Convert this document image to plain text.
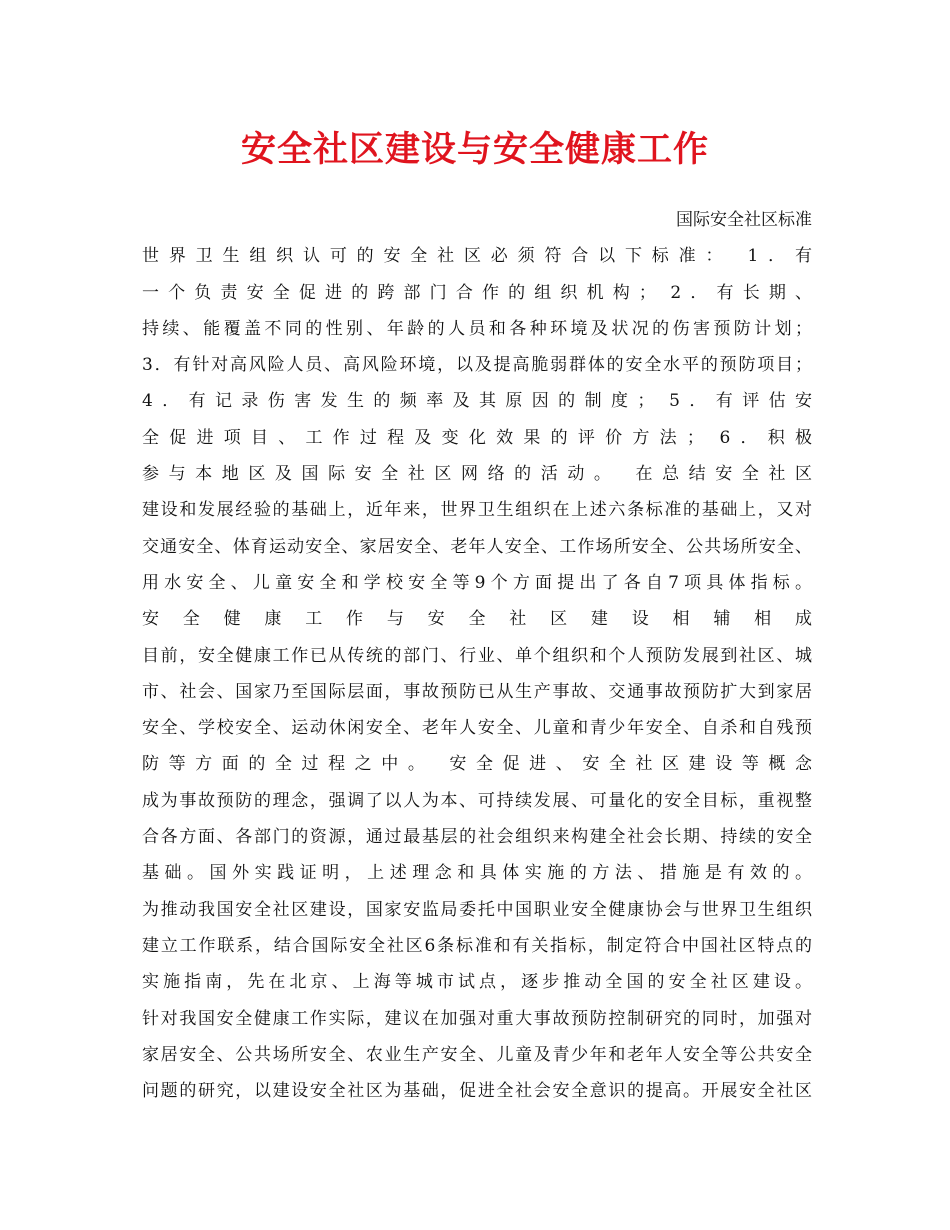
安全社区建设与安全健康工作
国际安全社区标准
世界卫生组织认可的安全社区必须符合以下标准： 1．有
一个负责安全促进的跨部门合作的组织机构； 2．有长期、
持续、能覆盖不同的性别、年龄的人员和各种环境及状况的伤害预防计划；
3．有针对高风险人员、高风险环境，以及提高脆弱群体的安全水平的预防项目；
4．有记录伤害发生的频率及其原因的制度； 5．有评估安
全促进项目、工作过程及变化效果的评价方法； 6．积极
参与本地区及国际安全社区网络的活动。 在总结安全社区
建设和发展经验的基础上，近年来，世界卫生组织在上述六条标准的基础上，又对
交通安全、体育运动安全、家居安全、老年人安全、工作场所安全、公共场所安全、
用水安全、儿童安全和学校安全等9个方面提出了各自7项具体指标。
安全健康工作与安全社区建设相辅相成
目前，安全健康工作已从传统的部门、行业、单个组织和个人预防发展到社区、城
市、社会、国家乃至国际层面，事故预防已从生产事故、交通事故预防扩大到家居
安全、学校安全、运动休闲安全、老年人安全、儿童和青少年安全、自杀和自残预
防等方面的全过程之中。 安全促进、安全社区建设等概念
成为事故预防的理念，强调了以人为本、可持续发展、可量化的安全目标，重视整
合各方面、各部门的资源，通过最基层的社会组织来构建全社会长期、持续的安全
基础。国外实践证明，上述理念和具体实施的方法、措施是有效的。
为推动我国安全社区建设，国家安监局委托中国职业安全健康协会与世界卫生组织
建立工作联系，结合国际安全社区6条标准和有关指标，制定符合中国社区特点的
实施指南，先在北京、上海等城市试点，逐步推动全国的安全社区建设。
针对我国安全健康工作实际，建议在加强对重大事故预防控制研究的同时，加强对
家居安全、公共场所安全、农业生产安全、儿童及青少年和老年人安全等公共安全
问题的研究，以建设安全社区为基础，促进全社会安全意识的提高。开展安全社区
